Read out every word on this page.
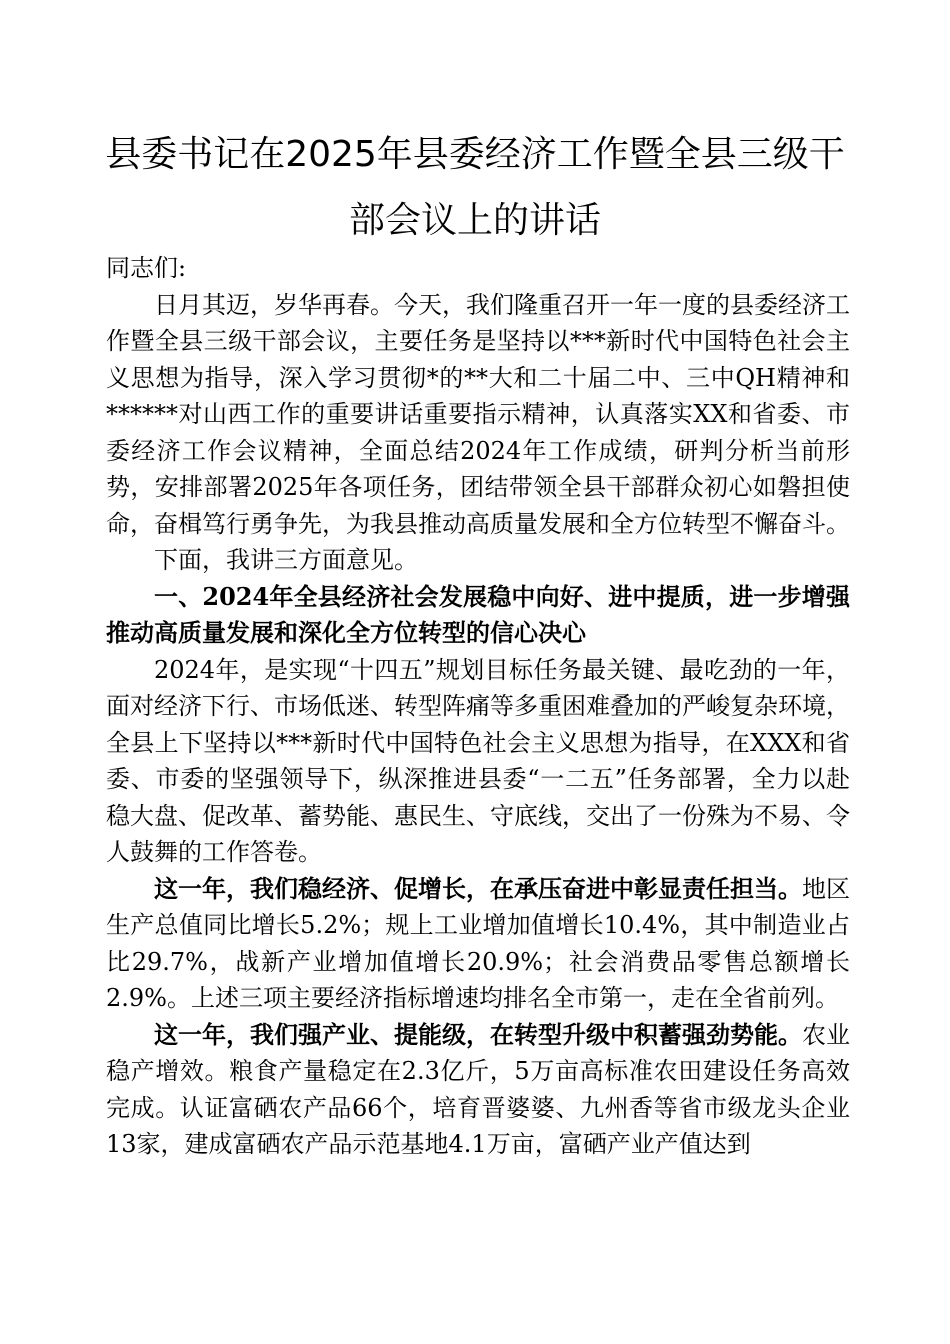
县委书记在2025年县委经济工作暨全县三级干
部会议上的讲话

同志们:

日月其迈，岁华再春。今天，我们隆重召开一年一度的县委经济工作暨全县三级干部会议，主要任务是坚持以***新时代中国特色社会主义思想为指导，深入学习贯彻*的**大和二十届二中、三中QH精神和******对山西工作的重要讲话重要指示精神，认真落实XX和省委、市委经济工作会议精神，全面总结2024年工作成绩，研判分析当前形势，安排部署2025年各项任务，团结带领全县干部群众初心如磐担使命，奋楫笃行勇争先，为我县推动高质量发展和全方位转型不懈奋斗。

下面，我讲三方面意见。

一、2024年全县经济社会发展稳中向好、进中提质，进一步增强推动高质量发展和深化全方位转型的信心决心

2024年，是实现“十四五”规划目标任务最关键、最吃劲的一年，面对经济下行、市场低迷、转型阵痛等多重困难叠加的严峻复杂环境，全县上下坚持以***新时代中国特色社会主义思想为指导，在XXX和省委、市委的坚强领导下，纵深推进县委“一二五”任务部署，全力以赴稳大盘、促改革、蓄势能、惠民生、守底线，交出了一份殊为不易、令人鼓舞的工作答卷。

这一年，我们稳经济、促增长，在承压奋进中彰显责任担当。地区生产总值同比增长5.2%；规上工业增加值增长10.4%，其中制造业占比29.7%，战新产业增加值增长20.9%；社会消费品零售总额增长2.9%。上述三项主要经济指标增速均排名全市第一，走在全省前列。

这一年，我们强产业、提能级，在转型升级中积蓄强劲势能。农业稳产增效。粮食产量稳定在2.3亿斤，5万亩高标准农田建设任务高效完成。认证富硒农产品66个，培育晋婆婆、九州香等省市级龙头企业13家，建成富硒农产品示范基地4.1万亩，富硒产业产值达到
